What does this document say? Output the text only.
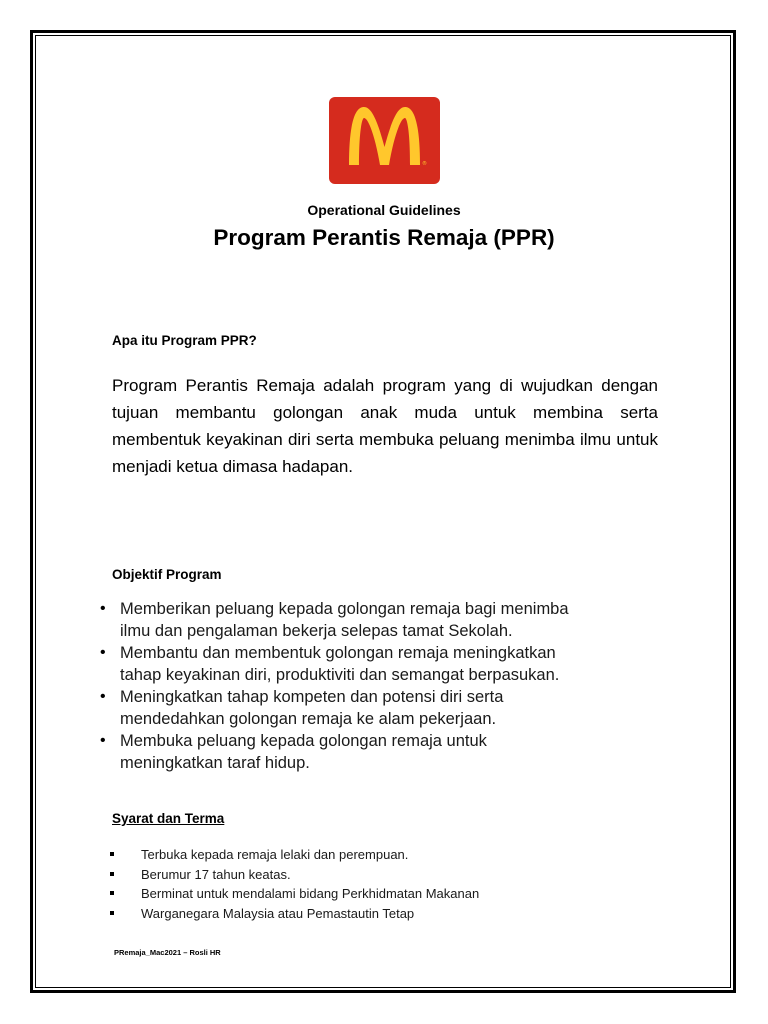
®
Operational Guidelines
Program Perantis Remaja (PPR)
Apa itu Program PPR?
Program Perantis Remaja adalah program yang di wujudkan dengan tujuan membantu golongan anak muda untuk membina serta membentuk keyakinan diri serta membuka peluang menimba ilmu untuk menjadi ketua dimasa hadapan.
Objektif Program
• Memberikan peluang kepada golongan remaja bagi menimba
ilmu dan pengalaman bekerja selepas tamat Sekolah.
• Membantu dan membentuk golongan remaja meningkatkan
tahap keyakinan diri, produktiviti dan semangat berpasukan.
• Meningkatkan tahap kompeten dan potensi diri serta
mendedahkan golongan remaja ke alam pekerjaan.
• Membuka peluang kepada golongan remaja untuk
meningkatkan taraf hidup.
Syarat dan Terma
Terbuka kepada remaja lelaki dan perempuan.
Berumur 17 tahun keatas.
Berminat untuk mendalami bidang Perkhidmatan Makanan
Warganegara Malaysia atau Pemastautin Tetap
PRemaja_Mac2021 – Rosli HR
